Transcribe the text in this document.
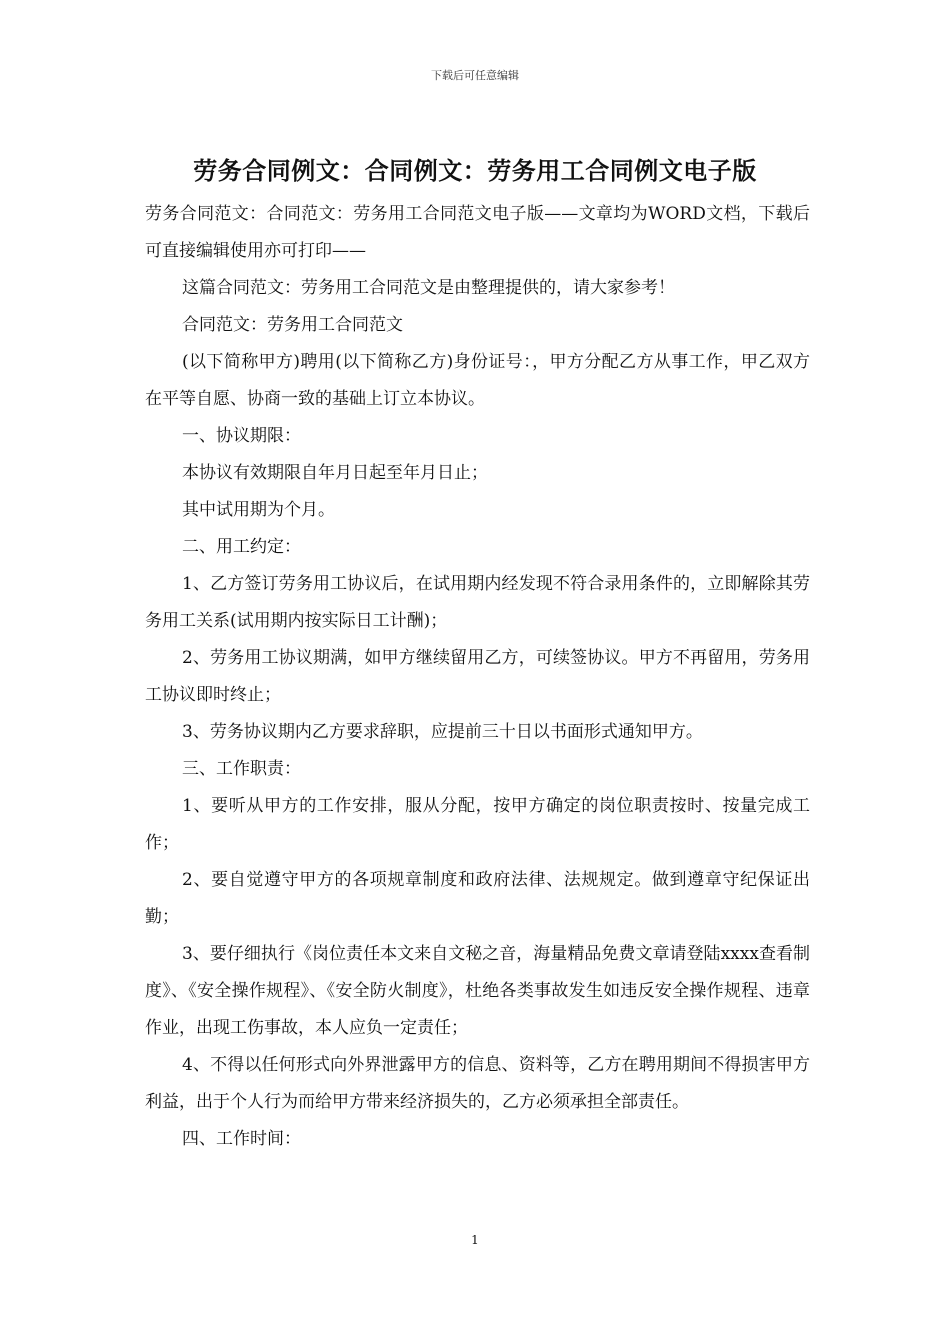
下载后可任意编辑
劳务合同例文：合同例文：劳务用工合同例文电子版

劳务合同范文：合同范文：劳务用工合同范文电子版——文章均为WORD文档，下载后可直接编辑使用亦可打印——

这篇合同范文：劳务用工合同范文是由整理提供的，请大家参考！

合同范文：劳务用工合同范文

(以下简称甲方)聘用(以下简称乙方)身份证号：，甲方分配乙方从事工作，甲乙双方在平等自愿、协商一致的基础上订立本协议。

一、协议期限：

本协议有效期限自年月日起至年月日止；

其中试用期为个月。

二、用工约定：

1、乙方签订劳务用工协议后，在试用期内经发现不符合录用条件的，立即解除其劳务用工关系(试用期内按实际日工计酬)；

2、劳务用工协议期满，如甲方继续留用乙方，可续签协议。甲方不再留用，劳务用工协议即时终止；

3、劳务协议期内乙方要求辞职，应提前三十日以书面形式通知甲方。

三、工作职责：

1、要听从甲方的工作安排，服从分配，按甲方确定的岗位职责按时、按量完成工作；

2、要自觉遵守甲方的各项规章制度和政府法律、法规规定。做到遵章守纪保证出勤；

3、要仔细执行《岗位责任本文来自文秘之音，海量精品免费文章请登陆xxxx查看制度》、《安全操作规程》、《安全防火制度》，杜绝各类事故发生如违反安全操作规程、违章作业，出现工伤事故，本人应负一定责任；

4、不得以任何形式向外界泄露甲方的信息、资料等，乙方在聘用期间不得损害甲方利益，出于个人行为而给甲方带来经济损失的，乙方必须承担全部责任。

四、工作时间：

1
